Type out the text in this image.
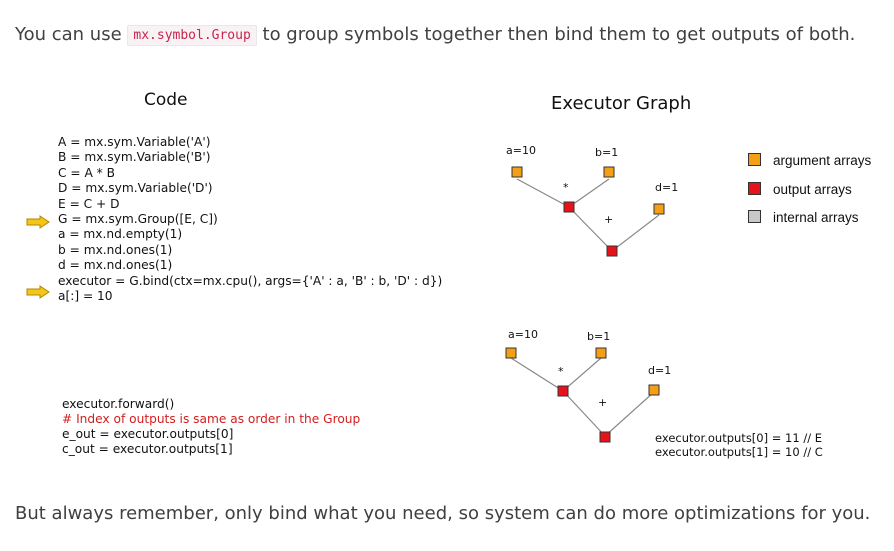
You can use mx.symbol.Group to group symbols together then bind them to get outputs of both.
Code	Executor Graph
A = mx.sym.Variable('A')
B = mx.sym.Variable('B')
C = A * B
D = mx.sym.Variable('D')
E = C + D
G = mx.sym.Group([E, C])
a = mx.nd.empty(1)
b = mx.nd.ones(1)
d = mx.nd.ones(1)
executor = G.bind(ctx=mx.cpu(), args={'A' : a, 'B' : b, 'D' : d})
a[:] = 10
executor.forward()
# Index of outputs is same as order in the Group
e_out = executor.outputs[0]
c_out = executor.outputs[1]
a=10	b=1
d=1
*
+
a=10	b=1
d=1
*
+
argument arrays
output arrays
internal arrays
executor.outputs[0] = 11 // E
executor.outputs[1] = 10 // C
But always remember, only bind what you need, so system can do more optimizations for you.
